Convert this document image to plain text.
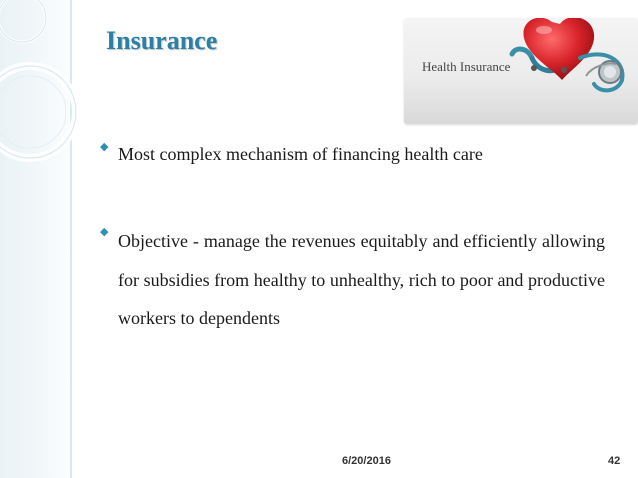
Insurance
Health Insurance
◆ Most complex mechanism of financing health care
◆ Objective - manage the revenues equitably and efficiently allowing for subsidies from healthy to unhealthy, rich to poor and productive workers to dependents
6/20/2016	42
